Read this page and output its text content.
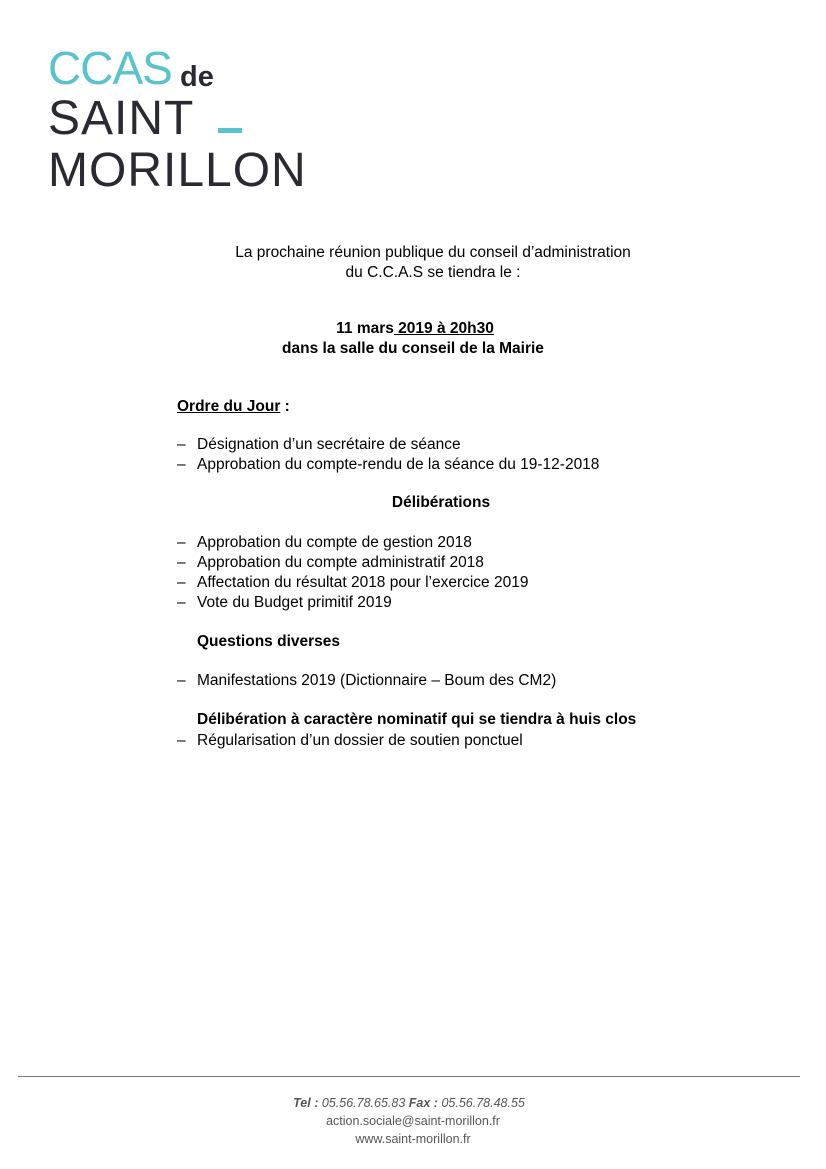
CCAS de
SAINT
MORILLON
La prochaine réunion publique du conseil d’administration
du C.C.A.S se tiendra le :
11 mars 2019 à 20h30
dans la salle du conseil de la Mairie
Ordre du Jour :
– Désignation d’un secrétaire de séance
– Approbation du compte-rendu de la séance du 19-12-2018
Délibérations
– Approbation du compte de gestion 2018
– Approbation du compte administratif 2018
– Affectation du résultat 2018 pour l’exercice 2019
– Vote du Budget primitif 2019
Questions diverses
– Manifestations 2019 (Dictionnaire – Boum des CM2)
Délibération à caractère nominatif qui se tiendra à huis clos
– Régularisation d’un dossier de soutien ponctuel
Tel : 05.56.78.65.83 Fax : 05.56.78.48.55
action.sociale@saint-morillon.fr
www.saint-morillon.fr
